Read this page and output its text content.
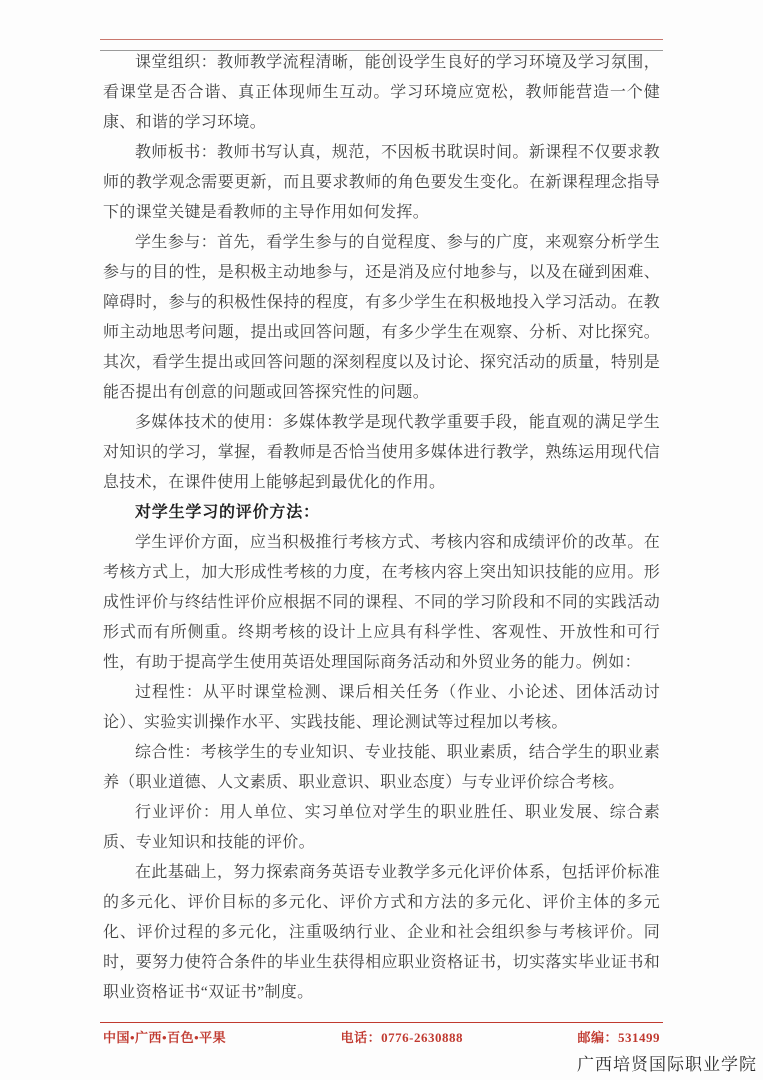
课堂组织：教师教学流程清晰，能创设学生良好的学习环境及学习氛围，看课堂是否合谐、真正体现师生互动。学习环境应宽松，教师能营造一个健康、和谐的学习环境。

教师板书：教师书写认真，规范，不因板书耽误时间。新课程不仅要求教师的教学观念需要更新，而且要求教师的角色要发生变化。在新课程理念指导下的课堂关键是看教师的主导作用如何发挥。

学生参与：首先，看学生参与的自觉程度、参与的广度，来观察分析学生参与的目的性，是积极主动地参与，还是消及应付地参与，以及在碰到困难、障碍时，参与的积极性保持的程度，有多少学生在积极地投入学习活动。在教师主动地思考问题，提出或回答问题，有多少学生在观察、分析、对比探究。其次，看学生提出或回答问题的深刻程度以及讨论、探究活动的质量，特别是能否提出有创意的问题或回答探究性的问题。

多媒体技术的使用：多媒体教学是现代教学重要手段，能直观的满足学生对知识的学习，掌握，看教师是否恰当使用多媒体进行教学，熟练运用现代信息技术，在课件使用上能够起到最优化的作用。

对学生学习的评价方法：

学生评价方面，应当积极推行考核方式、考核内容和成绩评价的改革。在考核方式上，加大形成性考核的力度，在考核内容上突出知识技能的应用。形成性评价与终结性评价应根据不同的课程、不同的学习阶段和不同的实践活动形式而有所侧重。终期考核的设计上应具有科学性、客观性、开放性和可行性，有助于提高学生使用英语处理国际商务活动和外贸业务的能力。例如：

过程性：从平时课堂检测、课后相关任务（作业、小论述、团体活动讨论）、实验实训操作水平、实践技能、理论测试等过程加以考核。

综合性：考核学生的专业知识、专业技能、职业素质，结合学生的职业素养（职业道德、人文素质、职业意识、职业态度）与专业评价综合考核。

行业评价：用人单位、实习单位对学生的职业胜任、职业发展、综合素质、专业知识和技能的评价。

在此基础上，努力探索商务英语专业教学多元化评价体系，包括评价标准的多元化、评价目标的多元化、评价方式和方法的多元化、评价主体的多元化、评价过程的多元化，注重吸纳行业、企业和社会组织参与考核评价。同时，要努力使符合条件的毕业生获得相应职业资格证书，切实落实毕业证书和职业资格证书“双证书”制度。

中国•广西•百色•平果	电话：0776-2630888	邮编：531499
广西培贤国际职业学院
